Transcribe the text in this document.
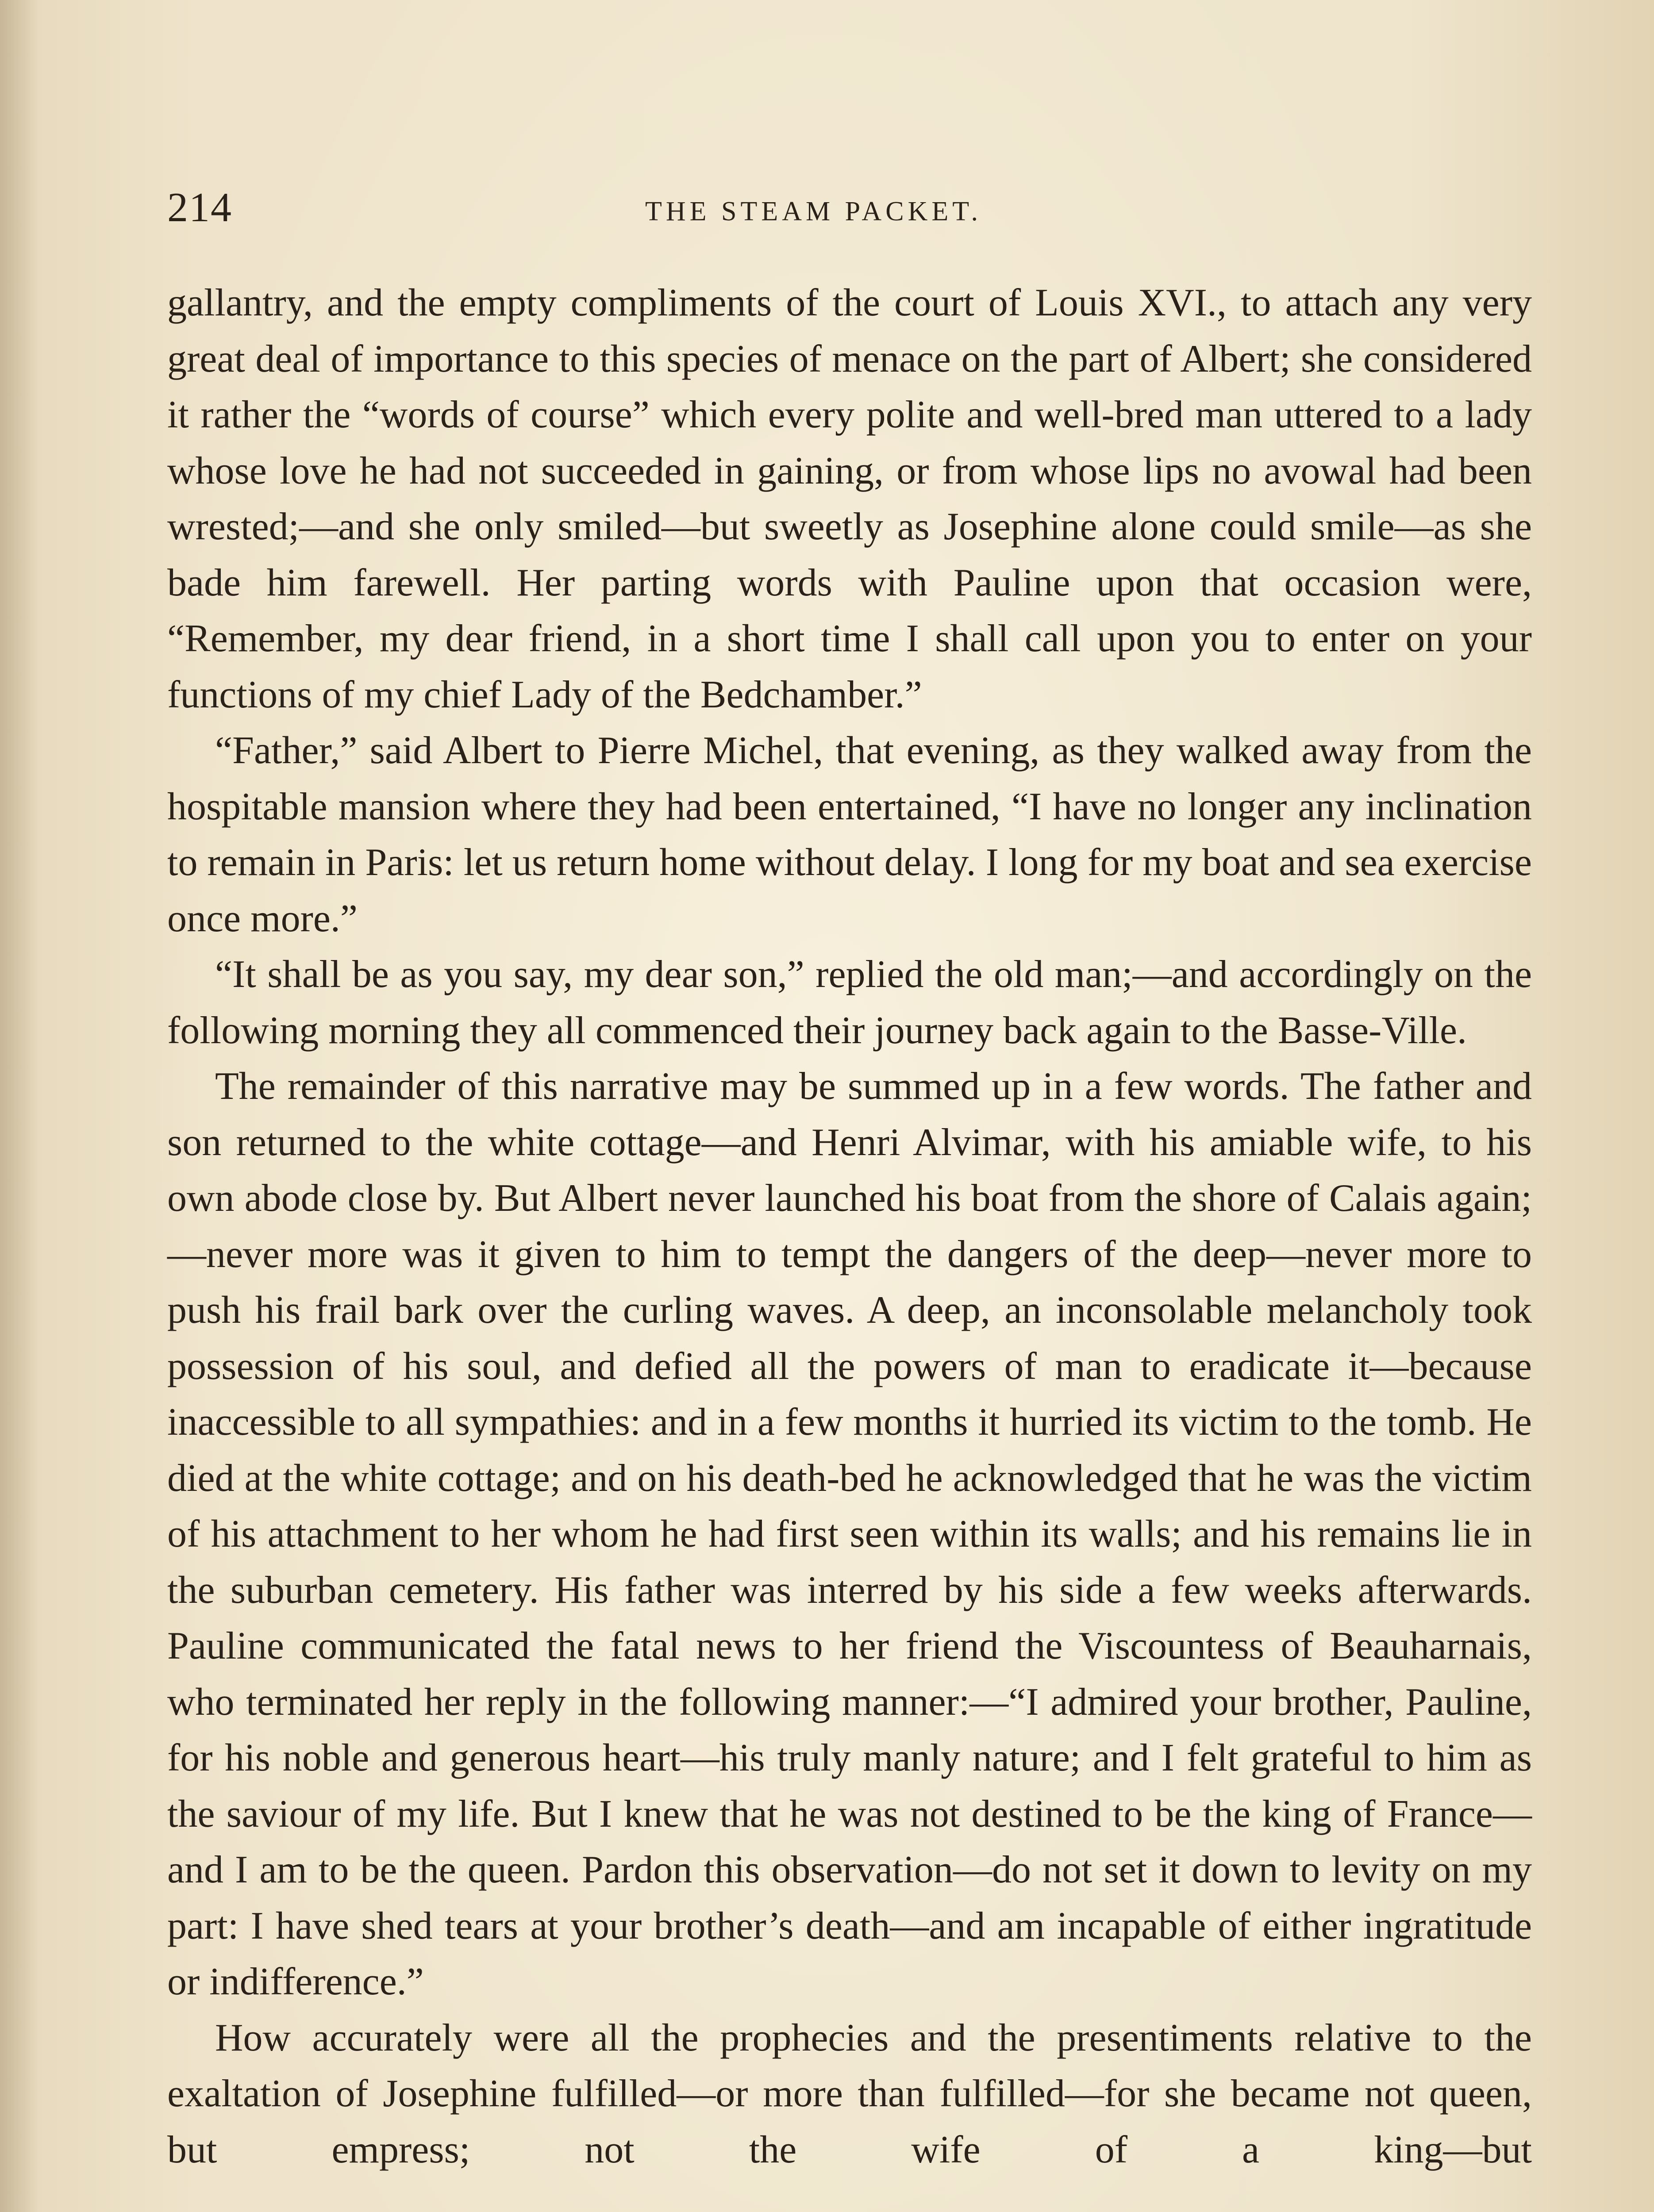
214	THE STEAM PACKET.

gallantry, and the empty compliments of the court of Louis XVI., to attach any very great deal of importance to this species of menace on the part of Albert; she considered it rather the “words of course” which every polite and well-bred man uttered to a lady whose love he had not succeeded in gaining, or from whose lips no avowal had been wrested;—and she only smiled—but sweetly as Josephine alone could smile—as she bade him farewell. Her parting words with Pauline upon that occasion were, “Remember, my dear friend, in a short time I shall call upon you to enter on your functions of my chief Lady of the Bedchamber.”

“Father,” said Albert to Pierre Michel, that evening, as they walked away from the hospitable mansion where they had been entertained, “I have no longer any inclination to remain in Paris: let us return home without delay. I long for my boat and sea exercise once more.”

“It shall be as you say, my dear son,” replied the old man;—and accordingly on the following morning they all commenced their journey back again to the Basse-Ville.

The remainder of this narrative may be summed up in a few words. The father and son returned to the white cottage—and Henri Alvimar, with his amiable wife, to his own abode close by. But Albert never launched his boat from the shore of Calais again;—never more was it given to him to tempt the dangers of the deep—never more to push his frail bark over the curling waves. A deep, an inconsolable melancholy took possession of his soul, and defied all the powers of man to eradicate it—because inaccessible to all sympathies: and in a few months it hurried its victim to the tomb. He died at the white cottage; and on his death-bed he acknowledged that he was the victim of his attachment to her whom he had first seen within its walls; and his remains lie in the suburban cemetery. His father was interred by his side a few weeks afterwards. Pauline communicated the fatal news to her friend the Viscountess of Beauharnais, who terminated her reply in the following manner:—“I admired your brother, Pauline, for his noble and generous heart—his truly manly nature; and I felt grateful to him as the saviour of my life. But I knew that he was not destined to be the king of France—and I am to be the queen. Pardon this observation—do not set it down to levity on my part: I have shed tears at your brother’s death—and am incapable of either ingratitude or indifference.”

How accurately were all the prophecies and the presentiments relative to the exaltation of Josephine fulfilled—or more than fulfilled—for she became not queen, but empress; not the wife of a king—but
